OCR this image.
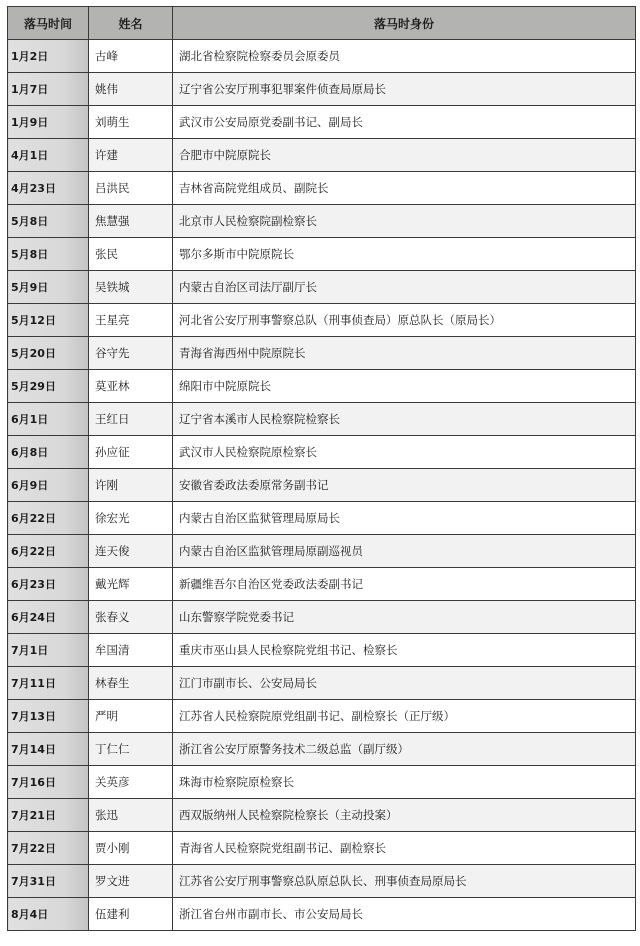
落马时间	姓名	落马时身份
1月2日	古峰	湖北省检察院检察委员会原委员
1月7日	姚伟	辽宁省公安厅刑事犯罪案件侦查局原局长
1月9日	刘萌生	武汉市公安局原党委副书记、副局长
4月1日	许建	合肥市中院原院长
4月23日	吕洪民	吉林省高院党组成员、副院长
5月8日	焦慧强	北京市人民检察院副检察长
5月8日	张民	鄂尔多斯市中院原院长
5月9日	吴铁城	内蒙古自治区司法厅副厅长
5月12日	王星亮	河北省公安厅刑事警察总队（刑事侦查局）原总队长（原局长）
5月20日	谷守先	青海省海西州中院原院长
5月29日	莫亚林	绵阳市中院原院长
6月1日	王红日	辽宁省本溪市人民检察院检察长
6月8日	孙应征	武汉市人民检察院原检察长
6月9日	许刚	安徽省委政法委原常务副书记
6月22日	徐宏光	内蒙古自治区监狱管理局原局长
6月22日	连天俊	内蒙古自治区监狱管理局原副巡视员
6月23日	戴光辉	新疆维吾尔自治区党委政法委副书记
6月24日	张春义	山东警察学院党委书记
7月1日	牟国清	重庆市巫山县人民检察院党组书记、检察长
7月11日	林春生	江门市副市长、公安局局长
7月13日	严明	江苏省人民检察院原党组副书记、副检察长（正厅级）
7月14日	丁仁仁	浙江省公安厅原警务技术二级总监（副厅级）
7月16日	关英彦	珠海市检察院原检察长
7月21日	张迅	西双版纳州人民检察院检察长（主动投案）
7月22日	贾小刚	青海省人民检察院党组副书记、副检察长
7月31日	罗文进	江苏省公安厅刑事警察总队原总队长、刑事侦查局原局长
8月4日	伍建利	浙江省台州市副市长、市公安局局长
